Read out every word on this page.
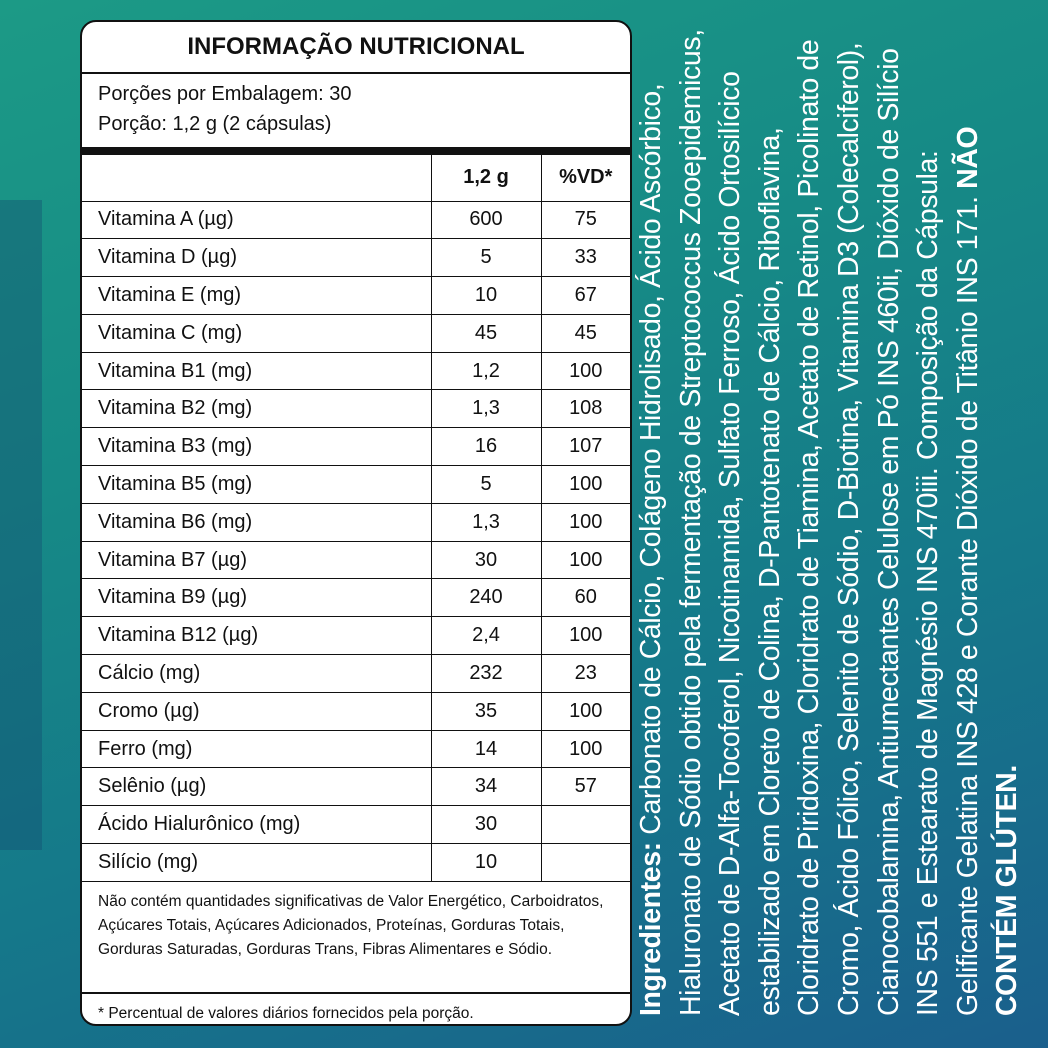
INFORMAÇÃO NUTRICIONAL
Porções por Embalagem: 30
Porção: 1,2 g (2 cápsulas)
	1,2 g	%VD*
Vitamina A (µg)	600	75
Vitamina D (µg)	5	33
Vitamina E (mg)	10	67
Vitamina C (mg)	45	45
Vitamina B1 (mg)	1,2	100
Vitamina B2 (mg)	1,3	108
Vitamina B3 (mg)	16	107
Vitamina B5 (mg)	5	100
Vitamina B6 (mg)	1,3	100
Vitamina B7 (µg)	30	100
Vitamina B9 (µg)	240	60
Vitamina B12 (µg)	2,4	100
Cálcio (mg)	232	23
Cromo (µg)	35	100
Ferro (mg)	14	100
Selênio (µg)	34	57
Ácido Hialurônico (mg)	30	
Silício (mg)	10	
Não contém quantidades significativas de Valor Energético, Carboidratos, Açúcares Totais, Açúcares Adicionados, Proteínas, Gorduras Totais, Gorduras Saturadas, Gorduras Trans, Fibras Alimentares e Sódio.
* Percentual de valores diários fornecidos pela porção.	Ingredientes: Carbonato de Cálcio, Colágeno Hidrolisado, Ácido Ascórbico, Hialuronato de Sódio obtido pela fermentação de Streptococcus Zooepidemicus, Acetato de D-Alfa-Tocoferol, Nicotinamida, Sulfato Ferroso, Ácido Ortosilícico estabilizado em Cloreto de Colina, D-Pantotenato de Cálcio, Riboflavina, Cloridrato de Piridoxina, Cloridrato de Tiamina, Acetato de Retinol, Picolinato de Cromo, Ácido Fólico, Selenito de Sódio, D-Biotina, Vitamina D3 (Colecalciferol), Cianocobalamina, Antiumectantes Celulose em Pó INS 460ii, Dióxido de Silício INS 551 e Estearato de Magnésio INS 470iii. Composição da Cápsula: Gelificante Gelatina INS 428 e Corante Dióxido de Titânio INS 171. NÃO CONTÉM GLÚTEN.
